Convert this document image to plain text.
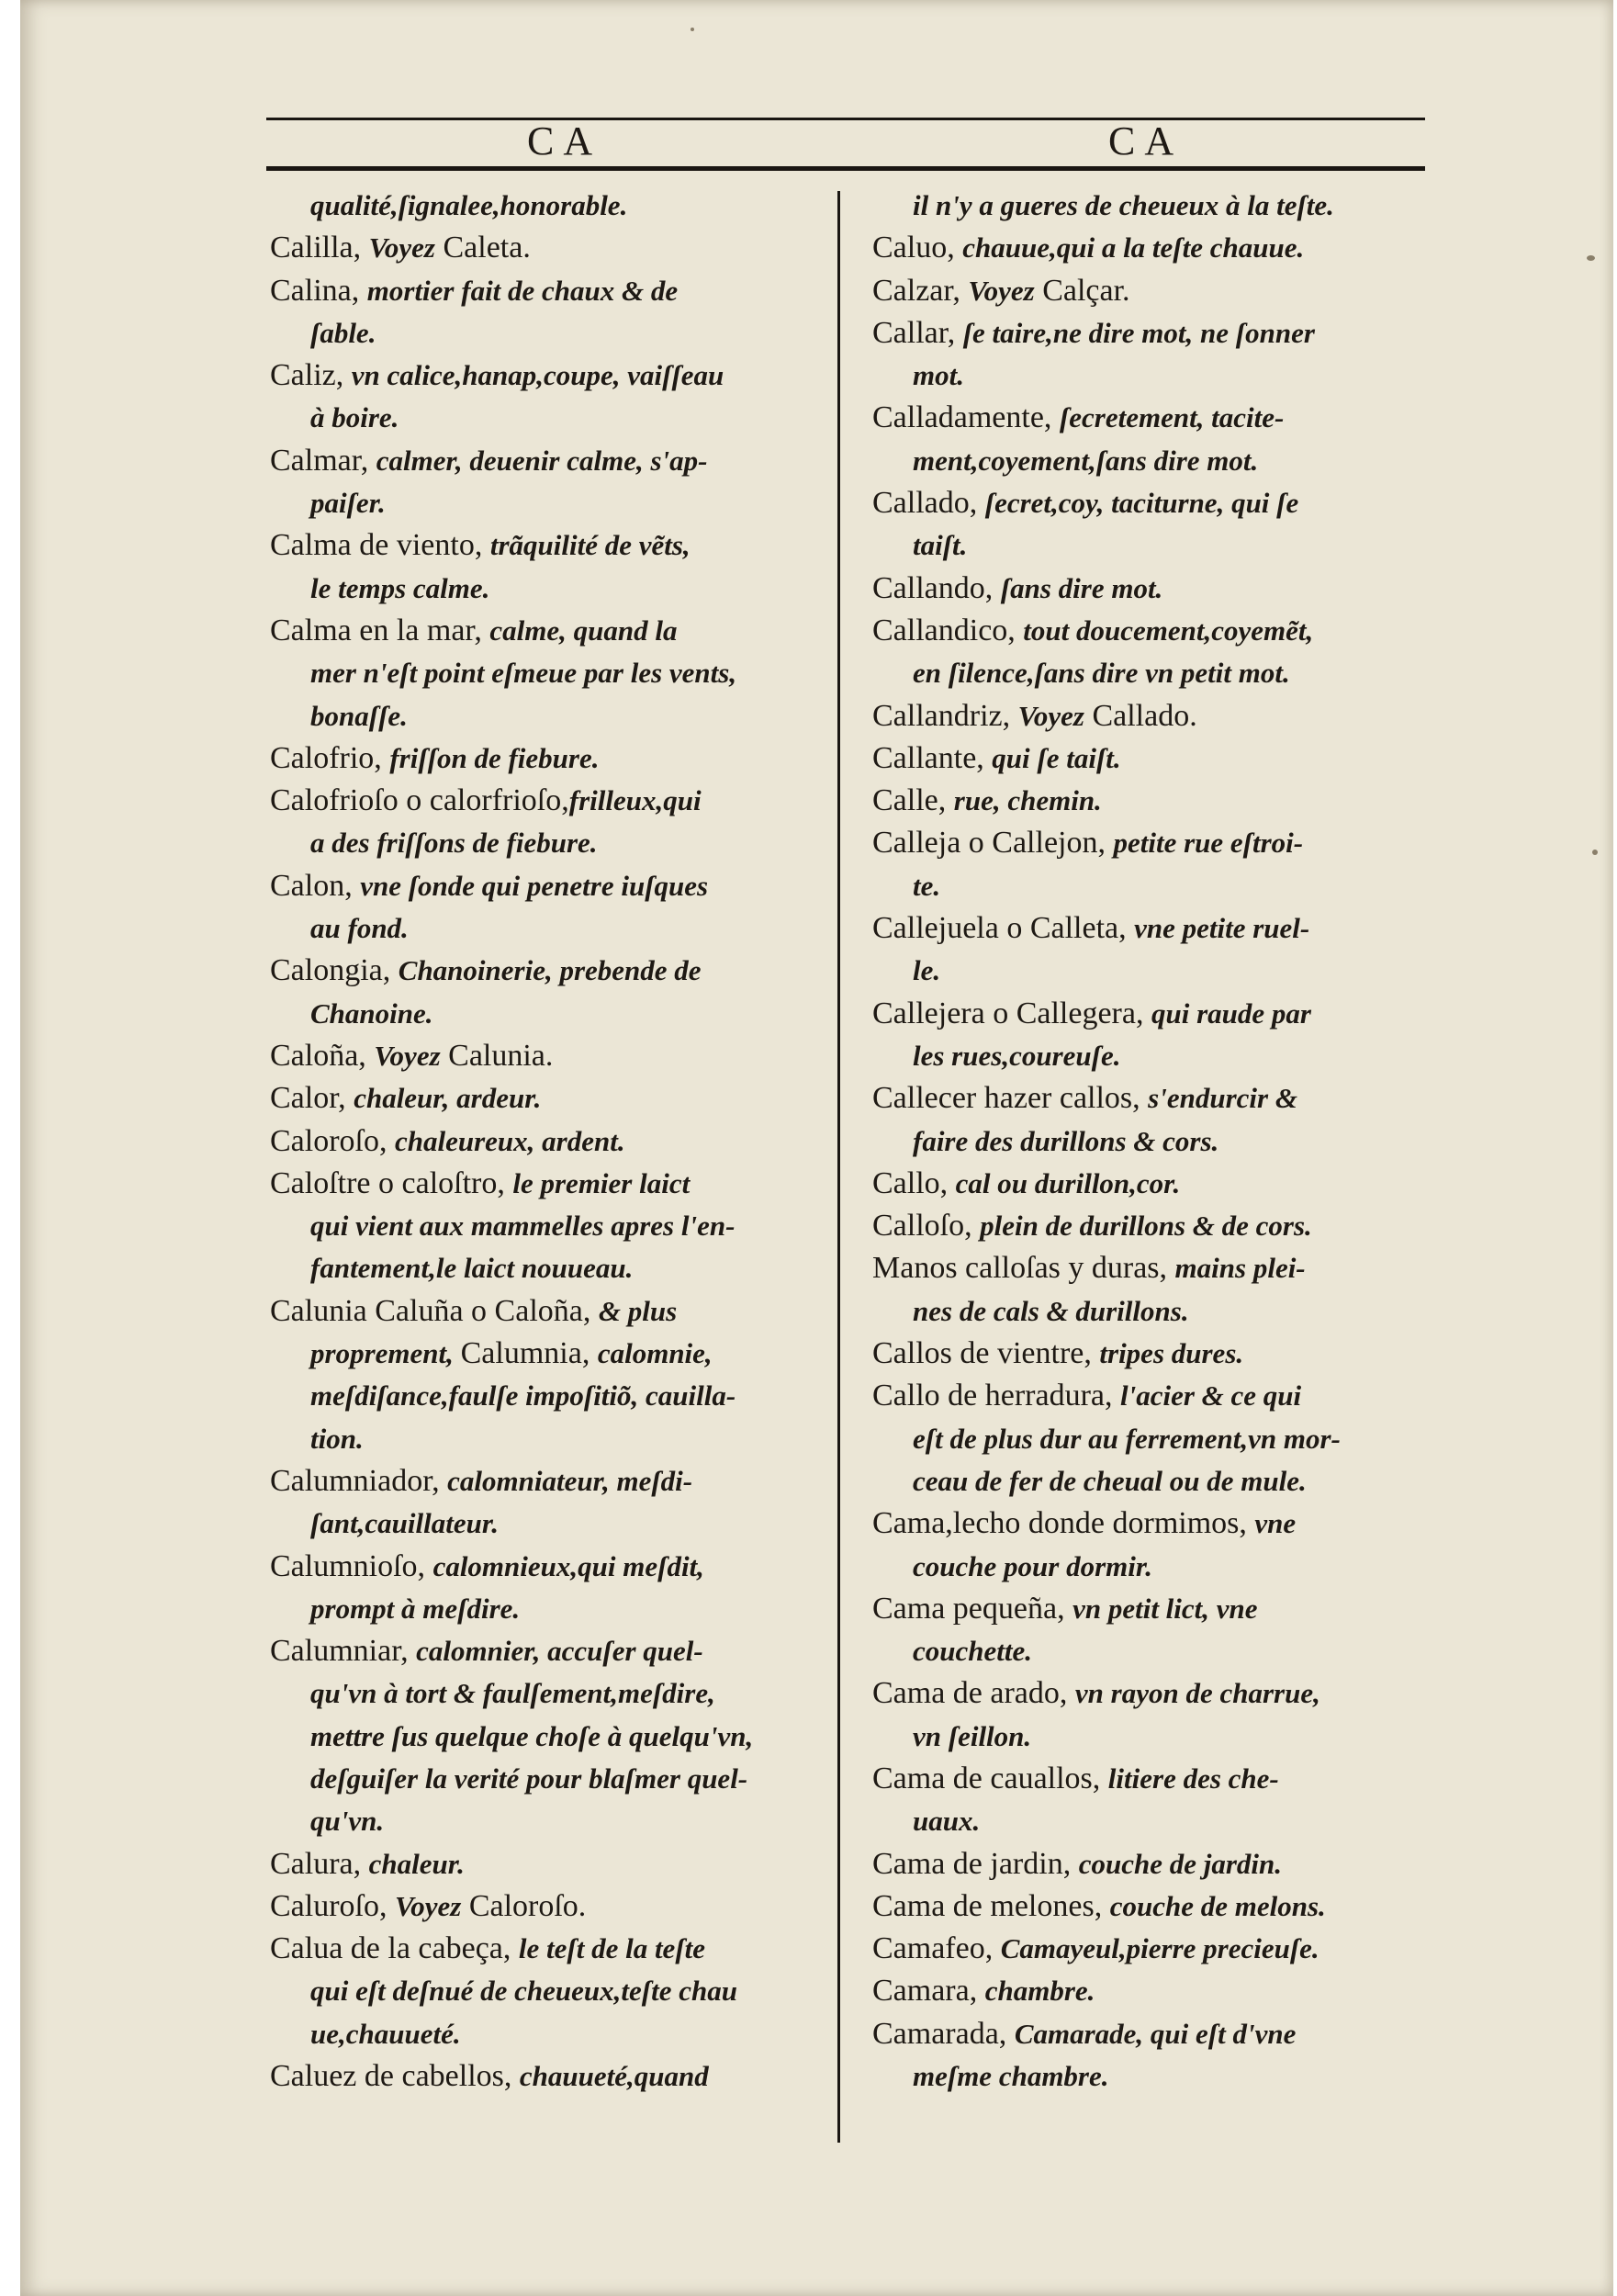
CA	CA
qualité,ſignalee,honorable.
Calilla, Voyez Caleta.
Calina, mortier fait de chaux & de
ſable.
Caliz, vn calice,hanap,coupe, vaiſſeau
à boire.
Calmar, calmer, deuenir calme, s'ap-
paiſer.
Calma de viento, trãquilité de vẽts,
le temps calme.
Calma en la mar, calme, quand la
mer n'eſt point eſmeue par les vents,
bonaſſe.
Calofrio, friſſon de fiebure.
Calofrioſo o calorfrioſo,frilleux,qui
a des friſſons de fiebure.
Calon, vne ſonde qui penetre iuſques
au fond.
Calongia, Chanoinerie, prebende de
Chanoine.
Caloña, Voyez Calunia.
Calor, chaleur, ardeur.
Caloroſo, chaleureux, ardent.
Caloſtre o caloſtro, le premier laict
qui vient aux mammelles apres l'en-
fantement,le laict nouueau.
Calunia Caluña o Caloña, & plus
proprement, Calumnia, calomnie,
meſdiſance,faulſe impoſitiõ, cauilla-
tion.
Calumniador, calomniateur, meſdi-
ſant,cauillateur.
Calumnioſo, calomnieux,qui meſdit,
prompt à meſdire.
Calumniar, calomnier, accuſer quel-
qu'vn à tort & faulſement,meſdire,
mettre ſus quelque choſe à quelqu'vn,
deſguiſer la verité pour blaſmer quel-
qu'vn.
Calura, chaleur.
Caluroſo, Voyez Caloroſo.
Calua de la cabeça, le teſt de la teſte
qui eſt deſnué de cheueux,teſte chau
ue,chauueté.
Caluez de cabellos, chauueté,quand
il n'y a gueres de cheueux à la teſte.
Caluo, chauue,qui a la teſte chauue.
Calzar, Voyez Calçar.
Callar, ſe taire,ne dire mot, ne ſonner
mot.
Calladamente, ſecretement, tacite-
ment,coyement,ſans dire mot.
Callado, ſecret,coy, taciturne, qui ſe
taiſt.
Callando, ſans dire mot.
Callandico, tout doucement,coyemẽt,
en ſilence,ſans dire vn petit mot.
Callandriz, Voyez Callado.
Callante, qui ſe taiſt.
Calle, rue, chemin.
Calleja o Callejon, petite rue eſtroi-
te.
Callejuela o Calleta, vne petite ruel-
le.
Callejera o Callegera, qui raude par
les rues,coureuſe.
Callecer hazer callos, s'endurcir &
faire des durillons & cors.
Callo, cal ou durillon,cor.
Calloſo, plein de durillons & de cors.
Manos calloſas y duras, mains plei-
nes de cals & durillons.
Callos de vientre, tripes dures.
Callo de herradura, l'acier & ce qui
eſt de plus dur au ferrement,vn mor-
ceau de fer de cheual ou de mule.
Cama,lecho donde dormimos, vne
couche pour dormir.
Cama pequeña, vn petit lict, vne
couchette.
Cama de arado, vn rayon de charrue,
vn ſeillon.
Cama de cauallos, litiere des che-
uaux.
Cama de jardin, couche de jardin.
Cama de melones, couche de melons.
Camafeo, Camayeul,pierre precieuſe.
Camara, chambre.
Camarada, Camarade, qui eſt d'vne
meſme chambre.
